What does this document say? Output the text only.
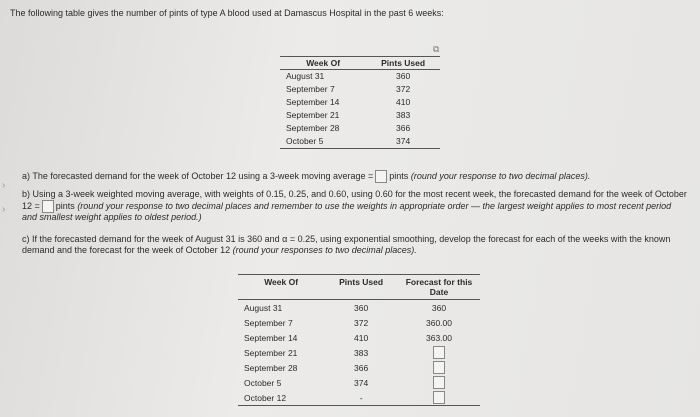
The following table gives the number of pints of type A blood used at Damascus Hospital in the past 6 weeks:
⧉
Week Of	Pints Used
August 31	360
September 7	372
September 14	410
September 21	383
September 28	366
October 5	374
a) The forecasted demand for the week of October 12 using a 3-week moving average = pints (round your response to two decimal places).
›
b) Using a 3-week weighted moving average, with weights of 0.15, 0.25, and 0.60, using 0.60 for the most recent week, the forecasted demand for the week of October
12 = pints (round your response to two decimal places and remember to use the weights in appropriate order — the largest weight applies to most recent period
›
and smallest weight applies to oldest period.)
c) If the forecasted demand for the week of August 31 is 360 and α = 0.25, using exponential smoothing, develop the forecast for each of the weeks with the known
demand and the forecast for the week of October 12 (round your responses to two decimal places).
Week Of	Pints Used	Forecast for this Date
August 31	360	360
September 7	372	360.00
September 14	410	363.00
September 21	383	
September 28	366	
October 5	374	
October 12	-	
